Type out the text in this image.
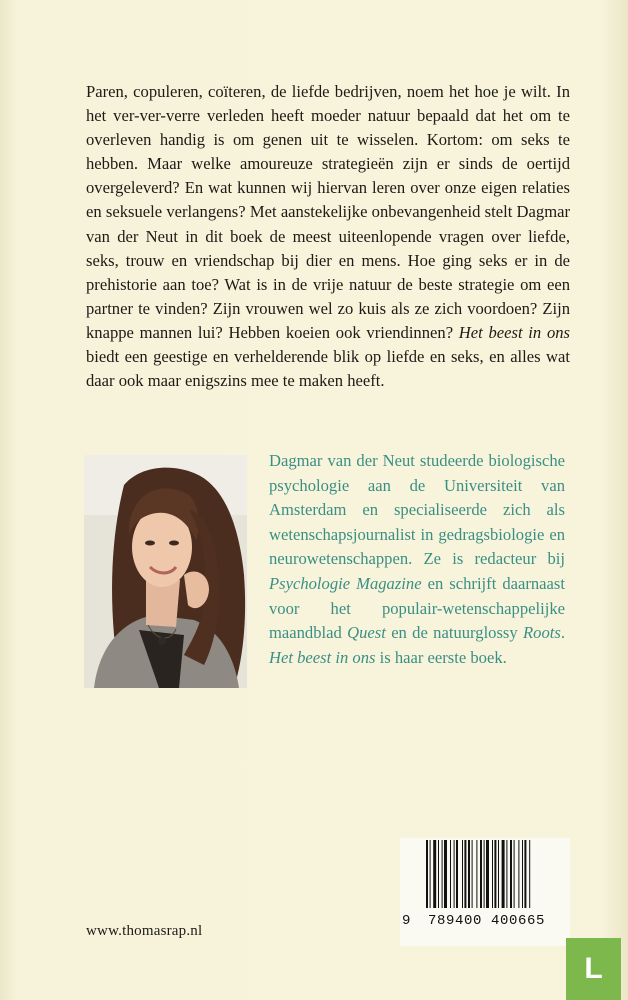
Paren, copuleren, coïteren, de liefde bedrijven, noem het hoe je wilt. In het ver-ver-verre verleden heeft moeder natuur bepaald dat het om te overleven handig is om genen uit te wisselen. Kortom: om seks te hebben. Maar welke amoureuze strategieën zijn er sinds de oertijd overgeleverd? En wat kunnen wij hiervan leren over onze eigen relaties en seksuele verlangens? Met aanstekelijke onbevangenheid stelt Dagmar van der Neut in dit boek de meest uiteenlopende vragen over liefde, seks, trouw en vriendschap bij dier en mens. Hoe ging seks er in de prehistorie aan toe? Wat is in de vrije natuur de beste strategie om een partner te vinden? Zijn vrouwen wel zo kuis als ze zich voordoen? Zijn knappe mannen lui? Hebben koeien ook vriendinnen? Het beest in ons biedt een geestige en verhelderende blik op liefde en seks, en alles wat daar ook maar enigszins mee te maken heeft.

Dagmar van der Neut studeerde biologische psychologie aan de Universiteit van Amsterdam en specialiseerde zich als wetenschapsjournalist in gedragsbiologie en neurowetenschappen. Ze is redacteur bij Psychologie Magazine en schrijft daarnaast voor het populair-wetenschappelijke maandblad Quest en de natuurglossy Roots. Het beest in ons is haar eerste boek.

www.thomasrap.nl
9 789400 400665
L
